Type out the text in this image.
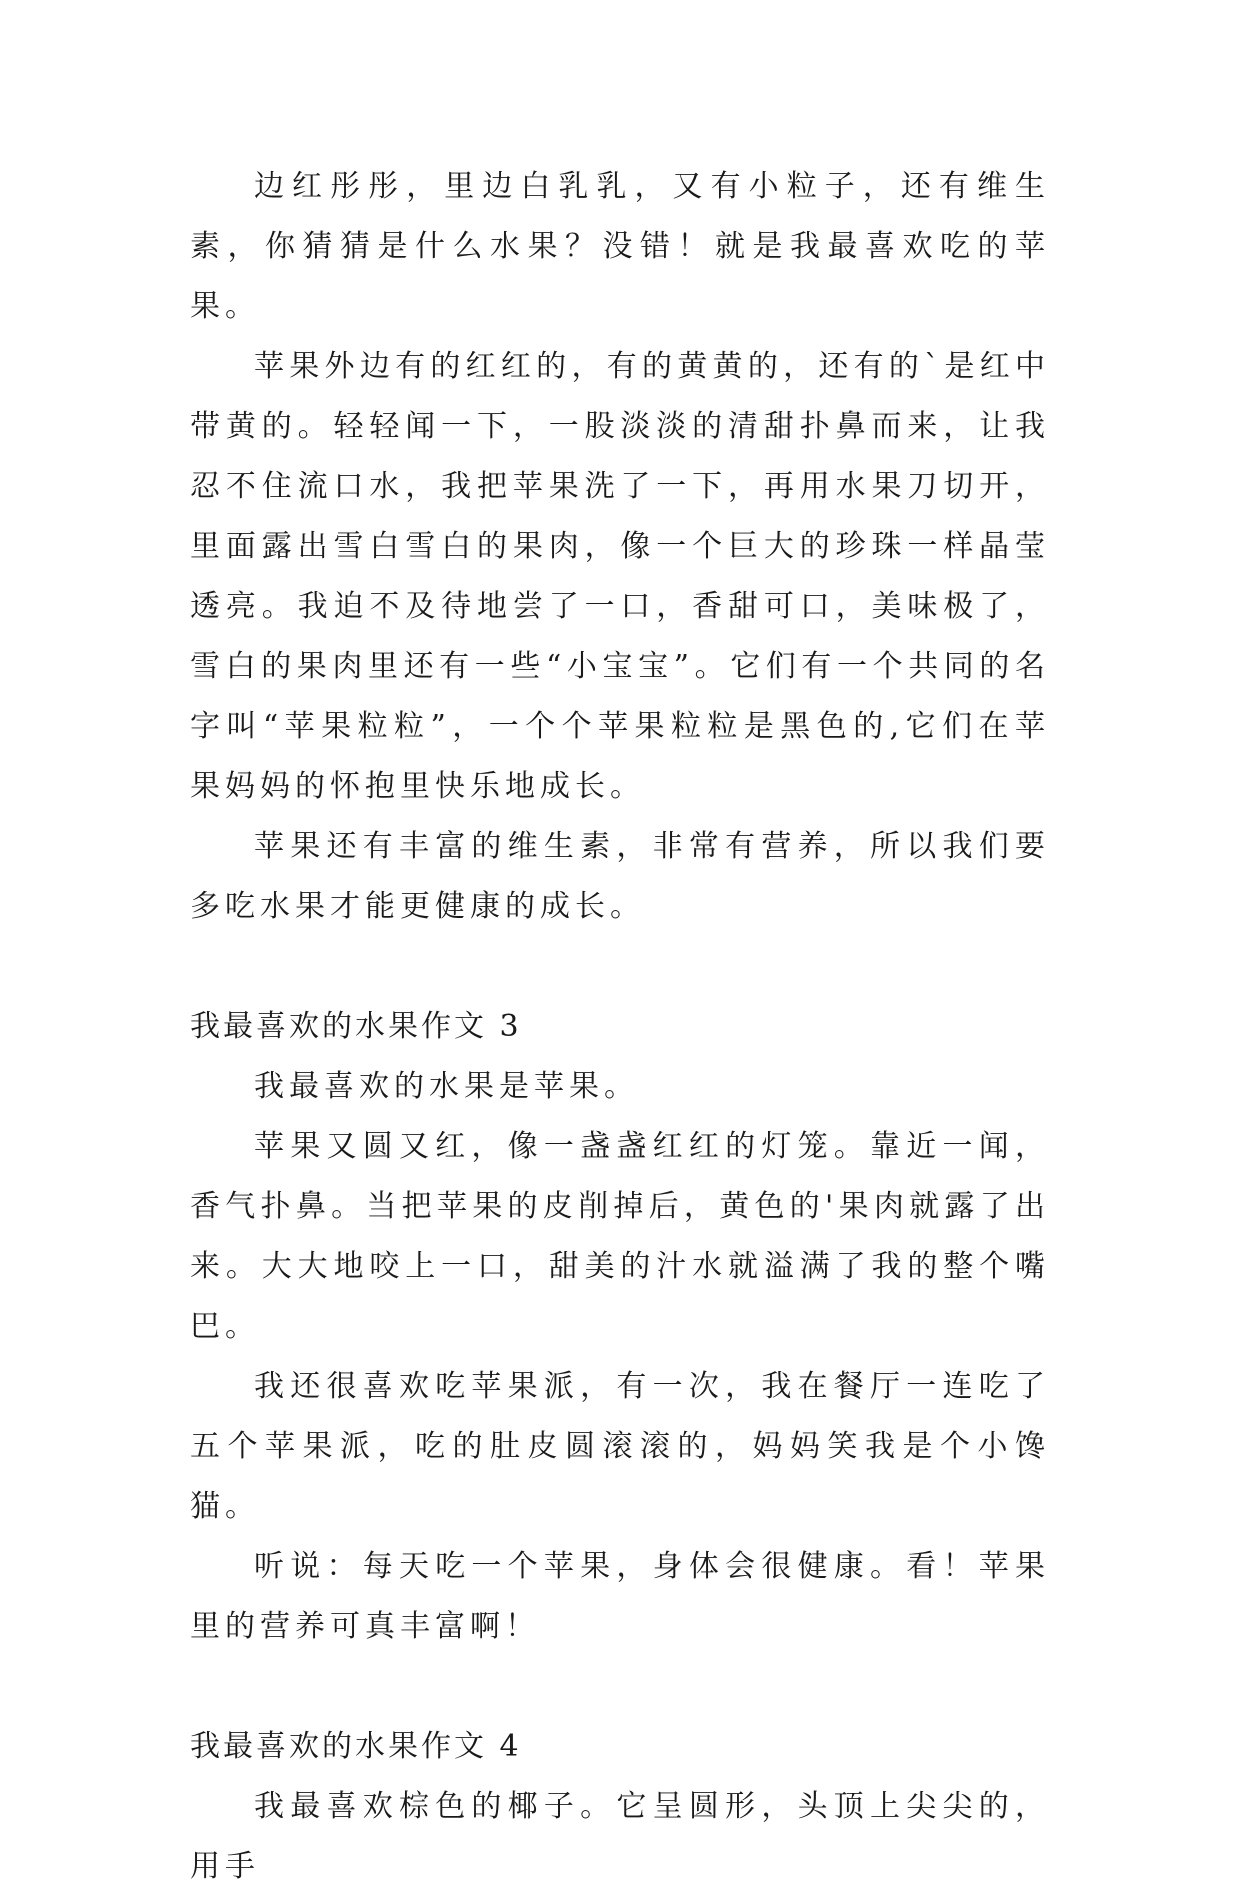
边红彤彤，里边白乳乳，又有小粒子，还有维生素，你猜猜是什么水果？没错！就是我最喜欢吃的苹果。

苹果外边有的红红的，有的黄黄的，还有的`是红中带黄的。轻轻闻一下，一股淡淡的清甜扑鼻而来，让我忍不住流口水，我把苹果洗了一下，再用水果刀切开，里面露出雪白雪白的果肉，像一个巨大的珍珠一样晶莹透亮。我迫不及待地尝了一口，香甜可口，美味极了，雪白的果肉里还有一些“小宝宝”。它们有一个共同的名字叫“苹果粒粒”，一个个苹果粒粒是黑色的,它们在苹果妈妈的怀抱里快乐地成长。

苹果还有丰富的维生素，非常有营养，所以我们要多吃水果才能更健康的成长。

我最喜欢的水果作文 3

我最喜欢的水果是苹果。

苹果又圆又红，像一盏盏红红的灯笼。靠近一闻，香气扑鼻。当把苹果的皮削掉后，黄色的'果肉就露了出来。大大地咬上一口，甜美的汁水就溢满了我的整个嘴巴。

我还很喜欢吃苹果派，有一次，我在餐厅一连吃了五个苹果派，吃的肚皮圆滚滚的，妈妈笑我是个小馋猫。

听说：每天吃一个苹果，身体会很健康。看！苹果里的营养可真丰富啊！

我最喜欢的水果作文 4

我最喜欢棕色的椰子。它呈圆形，头顶上尖尖的，用手
